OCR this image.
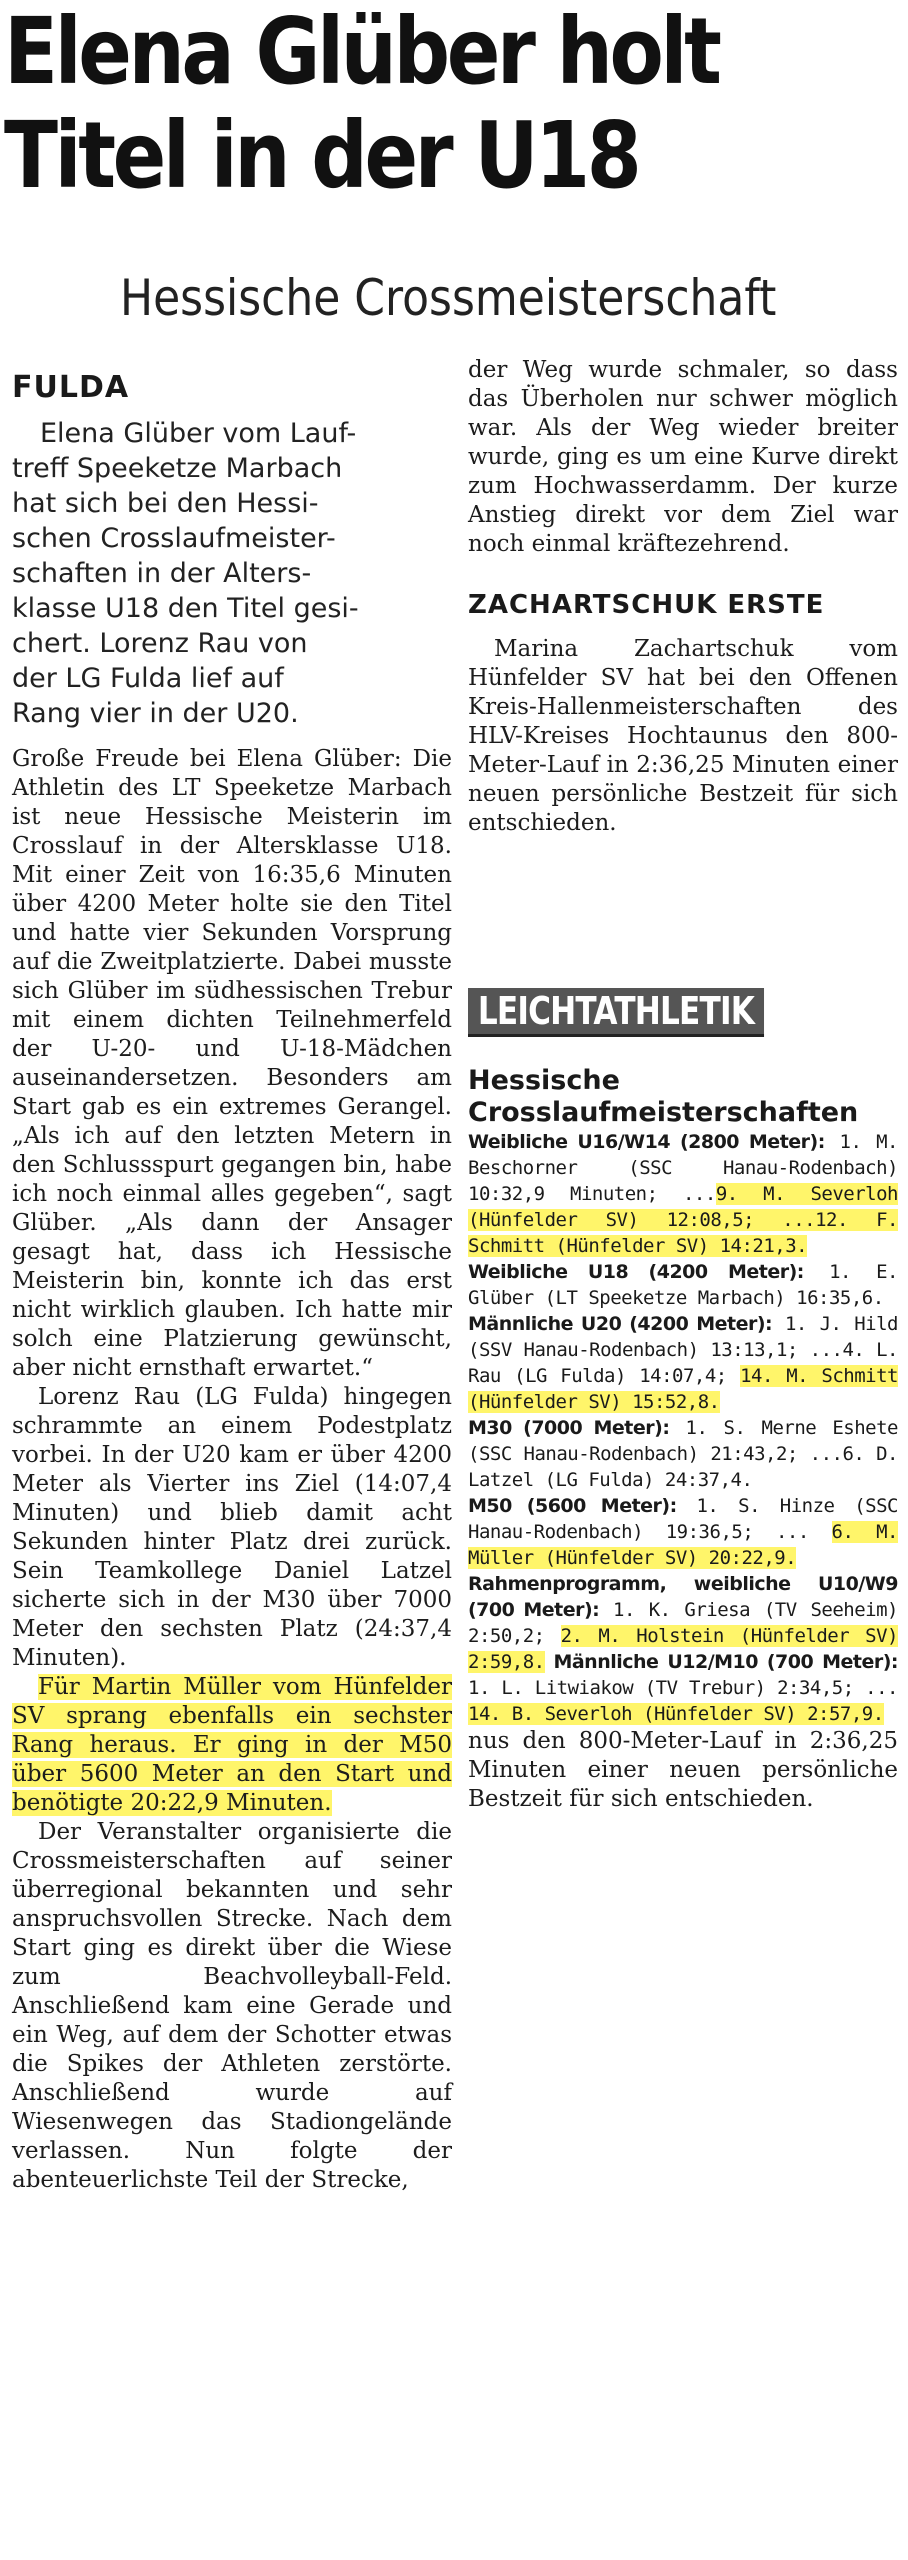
Elena Glüber holt
Titel in der U18
Hessische Crossmeisterschaft
FULDA
Elena Glüber vom Lauf-
treff Speeketze Marbach
hat sich bei den Hessi-
schen Crosslaufmeister-
schaften in der Alters-
klasse U18 den Titel gesi-
chert. Lorenz Rau von
der LG Fulda lief auf
Rang vier in der U20.

Große Freude bei Elena Glüber: Die Athletin des LT Speeketze Marbach ist neue Hessische Meisterin im Crosslauf in der Altersklasse U18. Mit einer Zeit von 16:35,6 Minuten über 4200 Meter holte sie den Titel und hatte vier Sekunden Vorsprung auf die Zweitplatzierte. Dabei musste sich Glüber im südhessischen Trebur mit einem dichten Teilnehmerfeld der U-20- und U-18-Mädchen auseinandersetzen. Besonders am Start gab es ein extremes Gerangel. „Als ich auf den letzten Metern in den Schlussspurt gegangen bin, habe ich noch einmal alles gegeben“, sagt Glüber. „Als dann der Ansager gesagt hat, dass ich Hessische Meisterin bin, konnte ich das erst nicht wirklich glauben. Ich hatte mir solch eine Platzierung gewünscht, aber nicht ernsthaft erwartet.“

Lorenz Rau (LG Fulda) hingegen schrammte an einem Podestplatz vorbei. In der U20 kam er über 4200 Meter als Vierter ins Ziel (14:07,4 Minuten) und blieb damit acht Sekunden hinter Platz drei zurück. Sein Teamkollege Daniel Latzel sicherte sich in der M30 über 7000 Meter den sechsten Platz (24:37,4 Minuten).

Für Martin Müller vom Hünfelder SV sprang ebenfalls ein sechster Rang heraus. Er ging in der M50 über 5600 Meter an den Start und benötigte 20:22,9 Minuten.

Der Veranstalter organisierte die Crossmeisterschaften auf seiner überregional bekannten und sehr anspruchsvollen Strecke. Nach dem Start ging es direkt über die Wiese zum Beachvolleyball-Feld. Anschließend kam eine Gerade und ein Weg, auf dem der Schotter etwas die Spikes der Athleten zerstörte. Anschließend wurde auf Wiesenwegen das Stadiongelände verlassen. Nun folgte der abenteuerlichste Teil der Strecke,

der Weg wurde schmaler, so dass das Überholen nur schwer möglich war. Als der Weg wieder breiter wurde, ging es um eine Kurve direkt zum Hochwasserdamm. Der kurze Anstieg direkt vor dem Ziel war noch einmal kräftezehrend.

ZACHARTSCHUK ERSTE

Marina Zachartschuk vom Hünfelder SV hat bei den Offenen Kreis-Hallenmeisterschaften des HLV-Kreises Hochtaunus den 800-Meter-Lauf in 2:36,25 Minuten einer neuen persönliche Bestzeit für sich entschieden.

LEICHTATHLETIK
Hessische
Crosslaufmeisterschaften

Weibliche U16/W14 (2800 Meter): 1. M. Beschorner (SSC Hanau-Rodenbach) 10:32,9 Minuten; ...9. M. Severloh (Hünfelder SV) 12:08,5; ...12. F. Schmitt (Hünfelder SV) 14:21,3.

Weibliche U18 (4200 Meter): 1. E. Glüber (LT Speeketze Marbach) 16:35,6.

Männliche U20 (4200 Meter): 1. J. Hild (SSV Hanau-Rodenbach) 13:13,1; ...4. L. Rau (LG Fulda) 14:07,4; 14. M. Schmitt (Hünfelder SV) 15:52,8.

M30 (7000 Meter): 1. S. Merne Eshete (SSC Hanau-Rodenbach) 21:43,2; ...6. D. Latzel (LG Fulda) 24:37,4.

M50 (5600 Meter): 1. S. Hinze (SSC Hanau-Rodenbach) 19:36,5; ... 6. M. Müller (Hünfelder SV) 20:22,9.

Rahmenprogramm, weibliche U10/W9 (700 Meter): 1. K. Griesa (TV Seeheim) 2:50,2; 2. M. Holstein (Hünfelder SV) 2:59,8. Männliche U12/M10 (700 Meter): 1. L. Litwiakow (TV Trebur) 2:34,5; ... 14. B. Severloh (Hünfelder SV) 2:57,9.

nus den 800-Meter-Lauf in 2:36,25 Minuten einer neuen persönliche Bestzeit für sich entschieden.
